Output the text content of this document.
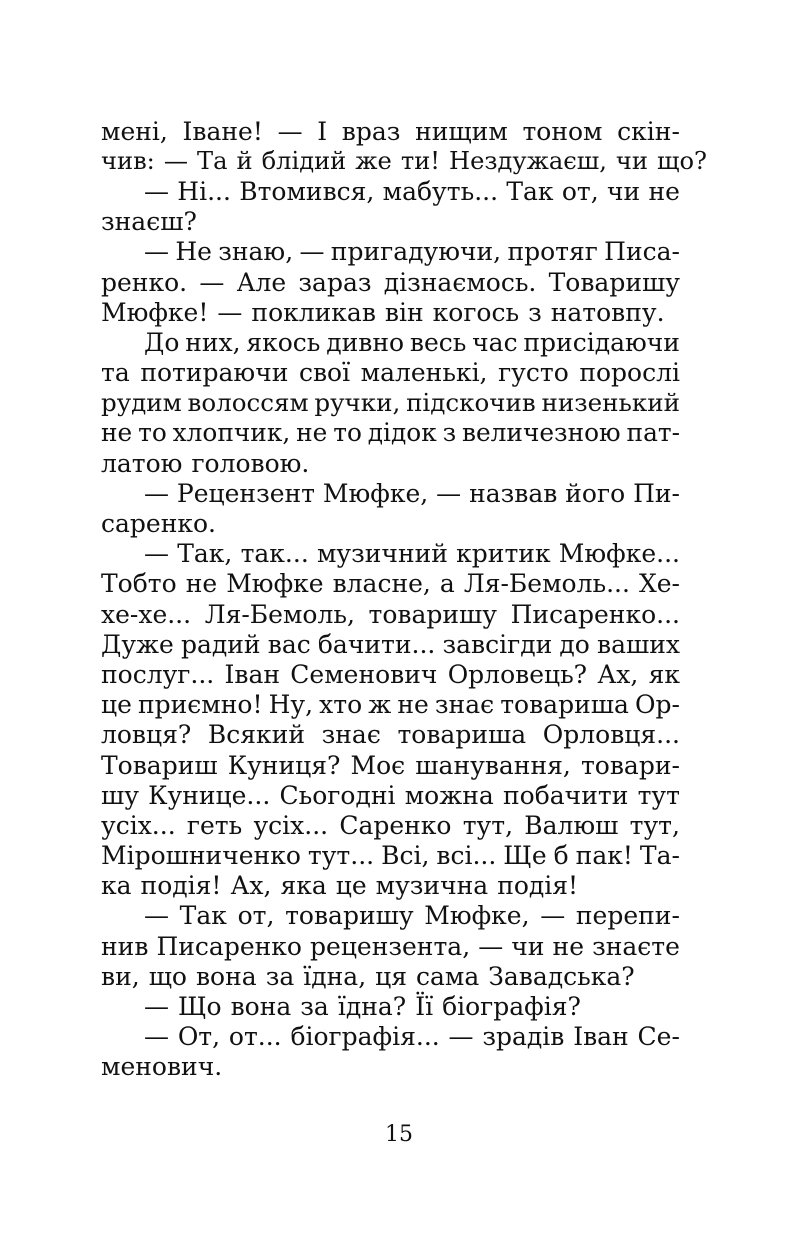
мені, Іване! — І враз нищим тоном скін-
чив: — Та й блідий же ти! Нездужаєш, чи що?
— Ні... Втомився, мабуть... Так от, чи не
знаєш?
— Не знаю, — пригадуючи, протяг Писа-
ренко. — Але зараз дізнаємось. Товаришу
Мюфке! — покликав він когось з натовпу.
До них, якось дивно весь час присідаючи
та потираючи свої маленькі, густо порослі
рудим волоссям ручки, підскочив низенький
не то хлопчик, не то дідок з величезною пат-
латою головою.
— Рецензент Мюфке, — назвав його Пи-
саренко.
— Так, так... музичний критик Мюфке...
Тобто не Мюфке власне, а Ля-Бемоль... Хе-
хе-хе... Ля-Бемоль, товаришу Писаренко...
Дуже радий вас бачити... завсігди до ваших
послуг... Іван Семенович Орловець? Ах, як
це приємно! Ну, хто ж не знає товариша Ор-
ловця? Всякий знає товариша Орловця...
Товариш Куниця? Моє шанування, товари-
шу Кунице... Сьогодні можна побачити тут
усіх... геть усіх... Саренко тут, Валюш тут,
Мірошниченко тут... Всі, всі... Ще б пак! Та-
ка подія! Ах, яка це музична подія!
— Так от, товаришу Мюфке, — перепи-
нив Писаренко рецензента, — чи не знаєте
ви, що вона за їдна, ця сама Завадська?
— Що вона за їдна? Її біографія?
— От, от... біографія... — зрадів Іван Се-
менович.
15
